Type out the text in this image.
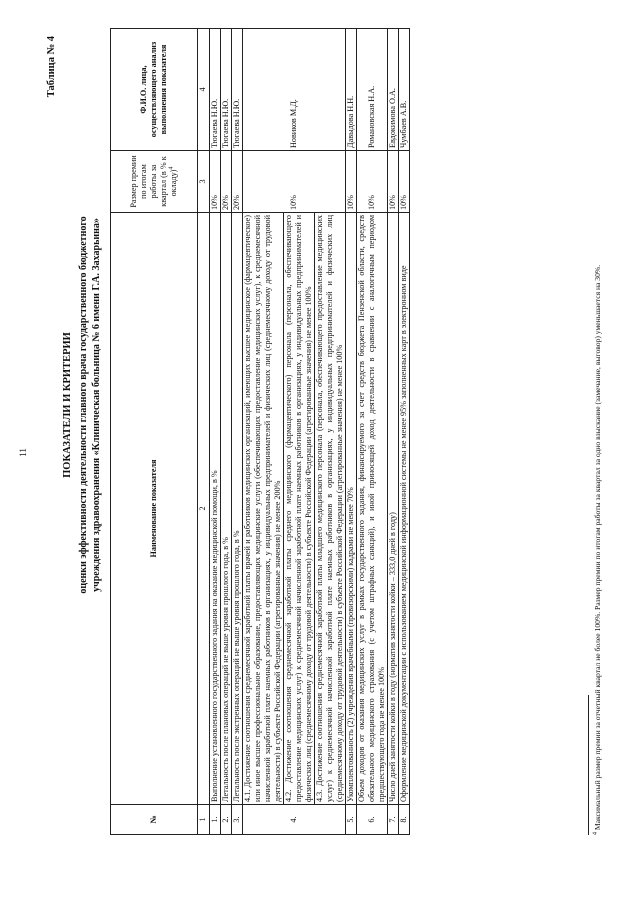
11
Таблица № 4
ПОКАЗАТЕЛИ И КРИТЕРИИ оценки эффективности деятельности главного врача государственного бюджетного учреждения здравоохранения «Клиническая больница № 6 имени Г.А. Захарьина»
№	Наименование показателя	Размер премии по итогам работы за квартал (в % к окладу)$^4$	Ф.И.О. лица, осуществляющего анализ выполнения показателя
1	2	3	4
1.	Выполнение установленного государственного задания на оказание медицинской помощи, в %	10%	Тюгаева Н.Ю.
2.	Летальность после плановых операций не выше уровня прошлого года, в %	20%	Тюгаева Н.Ю.
3.	Летальность после экстренных операций не выше уровня прошлого года, в %	20%	Тюгаева Н.Ю.
4.	4.1. Достижение соотношения среднемесячной заработной платы врачей и работников медицинских организаций, имеющих высшее медицинское (фармацевтическое) или иное высшее профессиональное образование, предоставляющих медицинские услуги (обеспечивающих предоставление медицинских услуг), к среднемесячной начисленной заработной плате наемных работников в организациях, у индивидуальных предпринимателей и физических лиц (среднемесячному доходу от трудовой деятельности) в субъекте Российской Федерации (агрегированные значения) не менее 200%	10%	Новиков М.Д.
	4.2. Достижение соотношения среднемесячной заработной платы среднего медицинского (фармацевтического) персонала (персонала, обеспечивающего предоставление медицинских услуг) к среднемесячной начисленной заработной плате наемных работников в организациях, у индивидуальных предпринимателей и физических лиц (среднемесячному доходу от трудовой деятельности) в субъекте Российской Федерации (агрегированные значения) не менее 100%		
	4.3. Достижение соотношения среднемесячной заработной платы младшего медицинского персонала (персонала, обеспечивающего предоставление медицинских услуг) к среднемесячной начисленной заработной плате наемных работников в организациях, у индивидуальных предпринимателей и физических лиц (среднемесячному доходу от трудовой деятельности) в субъекте Российской Федерации (агрегированные значения) не менее 100%		
5.	Укомплектованность (2) учреждения врачебными (провизорскими) кадрами не менее 70%	10%	Давыдова Н.Н.
6.	Объем доходов от оказания медицинских услуг в рамках государственного задания, финансируемого за счет средств бюджета Пензенской области, средств обязательного медицинского страхования (с учетом штрафных санкций), и иной приносящей доход деятельности в сравнении с аналогичным периодом предшествующего года не менее 100%	10%	Романовская Н.А.
7.	Число дней занятости койки в году (норматив занятости койки – 333,0 дней в году)	10%	Евдокимова О.А.
8.	Оформление медицинской документации с использованием медицинской информационной системы не менее 95% заполненных карт в электронном виде	10%	Чумбаев А.В.
$^4$ Максимальный размер премии за отчетный квартал не более 100%. Размер премии по итогам работы за квартал за одно взыскание (замечание, выговор) уменьшается на 30%.
